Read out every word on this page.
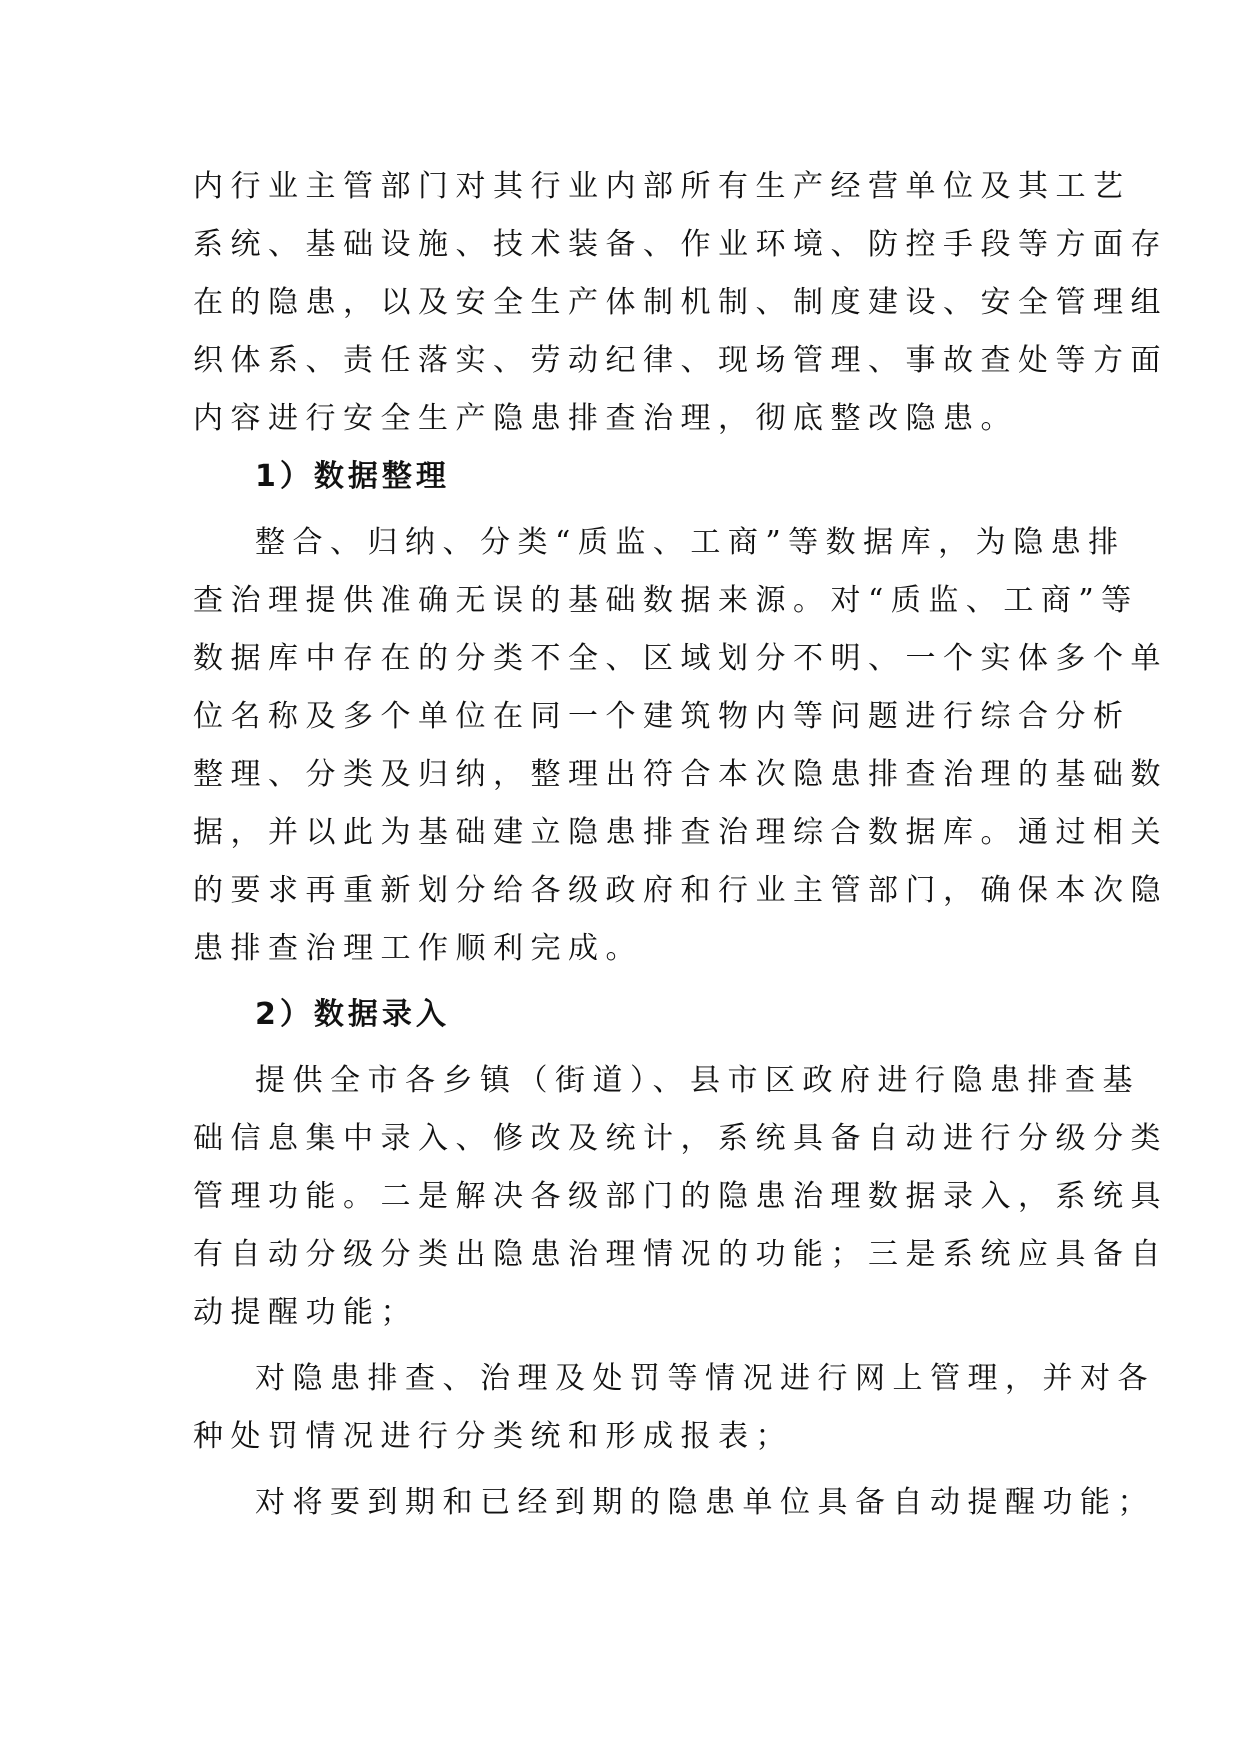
内行业主管部门对其行业内部所有生产经营单位及其工艺
系统、基础设施、技术装备、作业环境、防控手段等方面存
在的隐患，以及安全生产体制机制、制度建设、安全管理组
织体系、责任落实、劳动纪律、现场管理、事故查处等方面
内容进行安全生产隐患排查治理，彻底整改隐患。
1）数据整理
整合、归纳、分类“质监、工商”等数据库，为隐患排
查治理提供准确无误的基础数据来源。对“质监、工商”等
数据库中存在的分类不全、区域划分不明、一个实体多个单
位名称及多个单位在同一个建筑物内等问题进行综合分析
整理、分类及归纳，整理出符合本次隐患排查治理的基础数
据，并以此为基础建立隐患排查治理综合数据库。通过相关
的要求再重新划分给各级政府和行业主管部门，确保本次隐
患排查治理工作顺利完成。
2）数据录入
提供全市各乡镇（街道）、县市区政府进行隐患排查基
础信息集中录入、修改及统计，系统具备自动进行分级分类
管理功能。二是解决各级部门的隐患治理数据录入，系统具
有自动分级分类出隐患治理情况的功能；三是系统应具备自
动提醒功能；
对隐患排查、治理及处罚等情况进行网上管理，并对各
种处罚情况进行分类统和形成报表；
对将要到期和已经到期的隐患单位具备自动提醒功能；
